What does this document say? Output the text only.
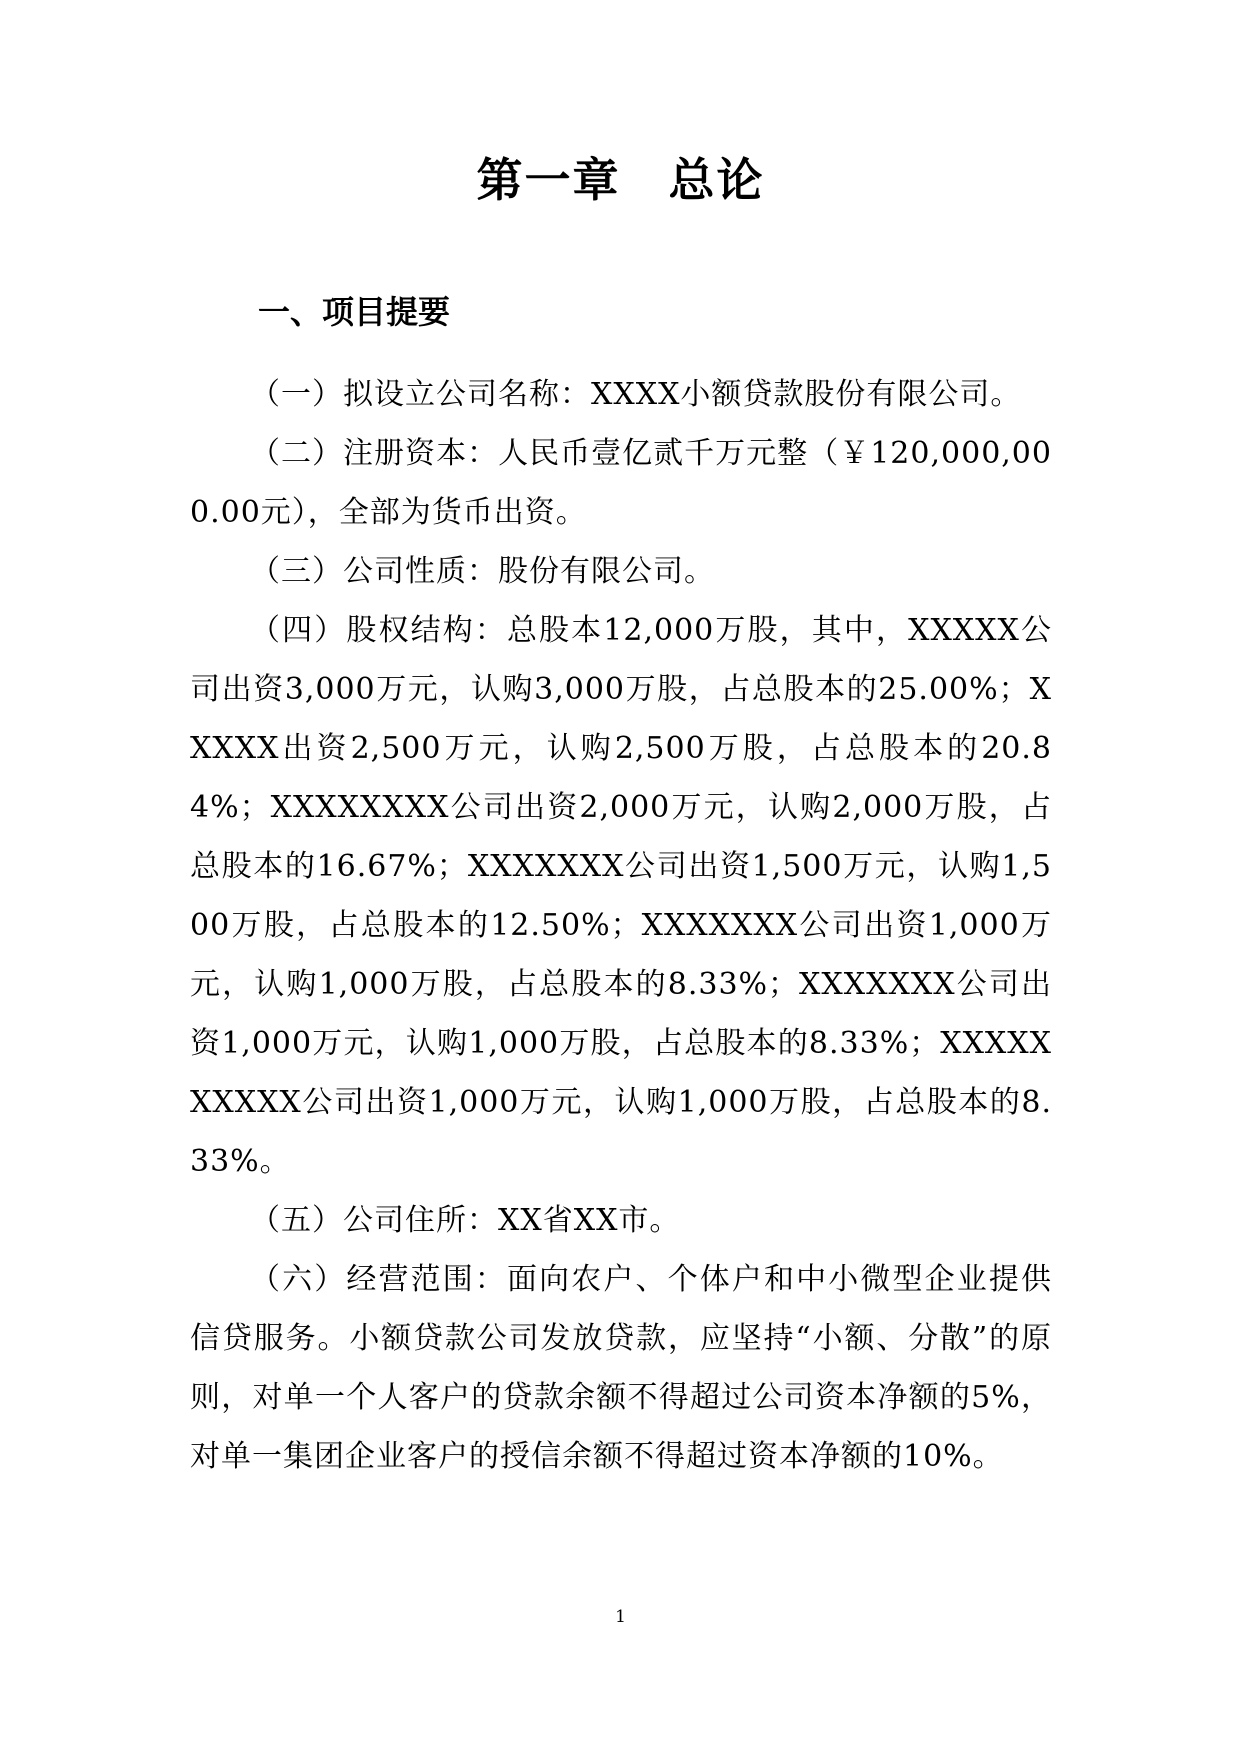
第一章 总论
一、项目提要

（一）拟设立公司名称：XXXX小额贷款股份有限公司。

（二）注册资本：人民币壹亿贰千万元整（￥120,000,000.00元），全部为货币出资。

（三）公司性质：股份有限公司。

（四）股权结构：总股本12,000万股，其中，XXXXX公司出资3,000万元，认购3,000万股，占总股本的25.00%；XXXXX出资2,500万元，认购2,500万股，占总股本的20.84%；XXXXXXXX公司出资2,000万元，认购2,000万股，占总股本的16.67%；XXXXXXX公司出资1,500万元，认购1,500万股，占总股本的12.50%；XXXXXXX公司出资1,000万元，认购1,000万股，占总股本的8.33%；XXXXXXX公司出资1,000万元，认购1,000万股，占总股本的8.33%；XXXXXXXXXX公司出资1,000万元，认购1,000万股，占总股本的8.33%。

（五）公司住所：XX省XX市。

（六）经营范围：面向农户、个体户和中小微型企业提供信贷服务。小额贷款公司发放贷款，应坚持“小额、分散”的原则，对单一个人客户的贷款余额不得超过公司资本净额的5%，对单一集团企业客户的授信余额不得超过资本净额的10%。

1
